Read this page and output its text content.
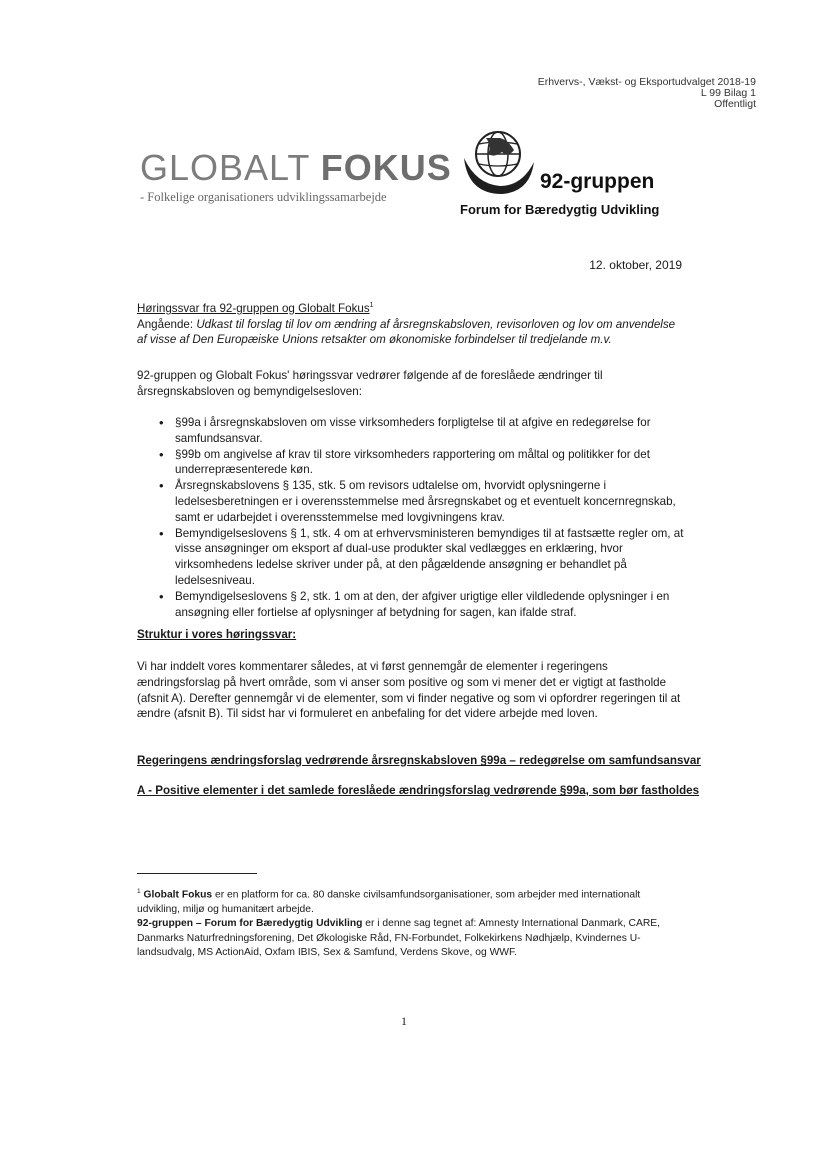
Erhvervs-, Vækst- og Eksportudvalget 2018-19
L 99 Bilag 1
Offentligt
GLOBALT FOKUS
- Folkelige organisationers udviklingssamarbejde
92-gruppen
Forum for Bæredygtig Udvikling
12. oktober, 2019
Høringssvar fra 92-gruppen og Globalt Fokus$^1$
Angående: Udkast til forslag til lov om ændring af årsregnskabsloven, revisorloven og lov om anvendelse af visse af Den Europæiske Unions retsakter om økonomiske forbindelser til tredjelande m.v.
92-gruppen og Globalt Fokus' høringssvar vedrører følgende af de foreslåede ændringer til årsregnskabsloven og bemyndigelsesloven:
• §99a i årsregnskabsloven om visse virksomheders forpligtelse til at afgive en redegørelse for samfundsansvar.
• §99b om angivelse af krav til store virksomheders rapportering om måltal og politikker for det underrepræsenterede køn.
• Årsregnskabslovens § 135, stk. 5 om revisors udtalelse om, hvorvidt oplysningerne i ledelsesberetningen er i overensstemmelse med årsregnskabet og et eventuelt koncernregnskab, samt er udarbejdet i overensstemmelse med lovgivningens krav.
• Bemyndigelseslovens § 1, stk. 4 om at erhvervsministeren bemyndiges til at fastsætte regler om, at visse ansøgninger om eksport af dual-use produkter skal vedlægges en erklæring, hvor virksomhedens ledelse skriver under på, at den pågældende ansøgning er behandlet på ledelsesniveau.
• Bemyndigelseslovens § 2, stk. 1 om at den, der afgiver urigtige eller vildledende oplysninger i en ansøgning eller fortielse af oplysninger af betydning for sagen, kan ifalde straf.
Struktur i vores høringssvar:
Vi har inddelt vores kommentarer således, at vi først gennemgår de elementer i regeringens ændringsforslag på hvert område, som vi anser som positive og som vi mener det er vigtigt at fastholde (afsnit A). Derefter gennemgår vi de elementer, som vi finder negative og som vi opfordrer regeringen til at ændre (afsnit B). Til sidst har vi formuleret en anbefaling for det videre arbejde med loven.
Regeringens ændringsforslag vedrørende årsregnskabsloven §99a – redegørelse om samfundsansvar
A - Positive elementer i det samlede foreslåede ændringsforslag vedrørende §99a, som bør fastholdes
$^1$ Globalt Fokus er en platform for ca. 80 danske civilsamfundsorganisationer, som arbejder med internationalt udvikling, miljø og humanitært arbejde.
92-gruppen – Forum for Bæredygtig Udvikling er i denne sag tegnet af: Amnesty International Danmark, CARE, Danmarks Naturfredningsforening, Det Økologiske Råd, FN-Forbundet, Folkekirkens Nødhjælp, Kvindernes U-landsudvalg, MS ActionAid, Oxfam IBIS, Sex & Samfund, Verdens Skove, og WWF.
1
